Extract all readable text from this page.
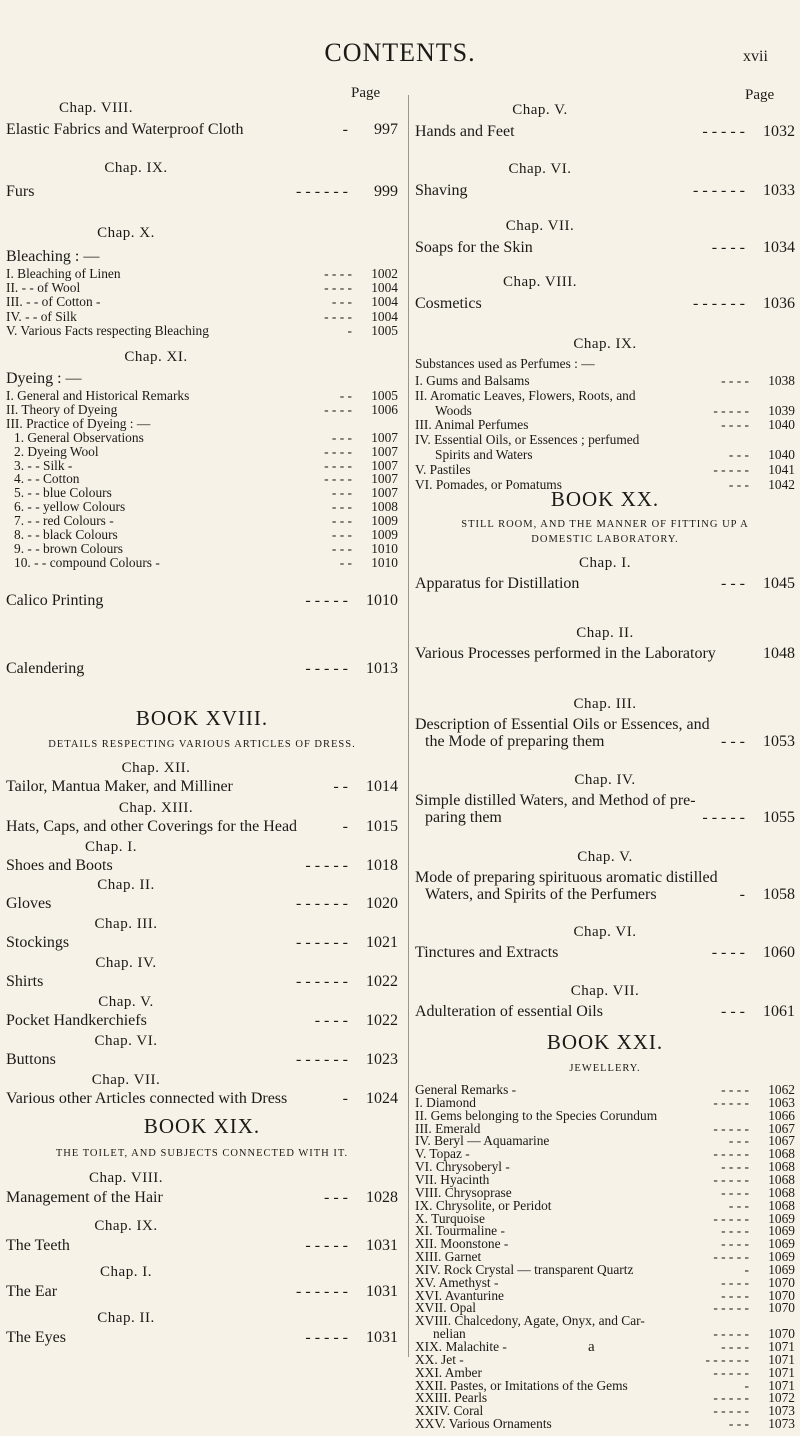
CONTENTS.	xvii
Page
Chap. VIII.
Elastic Fabrics and Waterproof Cloth	- 997
Chap. IX.
Furs	- - - - - - 999
Chap. X.
Bleaching : —
I. Bleaching of Linen	- - - - 1002
II. - - of Wool	- - - - 1004
III. - - of Cotton -	- - - 1004
IV. - - of Silk	- - - - 1004
V. Various Facts respecting Bleaching	- 1005
Chap. XI.
Dyeing : —
I. General and Historical Remarks	- - 1005
II. Theory of Dyeing	- - - - 1006
III. Practice of Dyeing : —
1. General Observations	- - - 1007
2. Dyeing Wool	- - - - 1007
3. - - Silk -	- - - - 1007
4. - - Cotton	- - - - 1007
5. - - blue Colours	- - - 1007
6. - - yellow Colours	- - - 1008
7. - - red Colours -	- - - 1009
8. - - black Colours	- - - 1009
9. - - brown Colours	- - - 1010
10. - - compound Colours -	- - 1010
Chap. XII.
Calico Printing	- - - - - 1010
Chap. XIII.
Calendering	- - - - - 1013
BOOK XVIII.
DETAILS RESPECTING VARIOUS ARTICLES OF DRESS.
Chap. I.
Tailor, Mantua Maker, and Milliner	- - 1014
Chap. II.
Hats, Caps, and other Coverings for the Head	- 1015
Chap. III.
Shoes and Boots	- - - - - 1018
Chap. IV.
Gloves	- - - - - - 1020
Chap. V.
Stockings	- - - - - - 1021
Chap. VI.
Shirts	- - - - - - 1022
Chap. VII.
Pocket Handkerchiefs	- - - - 1022
Chap. VIII.
Buttons	- - - - - - 1023
Chap. IX.
Various other Articles connected with Dress	- 1024
BOOK XIX.
THE TOILET, AND SUBJECTS CONNECTED WITH IT.
Chap. I.
Management of the Hair	- - - 1028
Chap. II.
The Teeth	- - - - - 1031
The Ear	- - - - - - 1031
The Eyes	- - - - - 1031
Page
Chap. V.
Hands and Feet	- - - - - 1032
Chap. VI.
Shaving	- - - - - - 1033
Chap. VII.
Soaps for the Skin	- - - - 1034
Chap. VIII.
Cosmetics	- - - - - - 1036
Chap. IX.
Substances used as Perfumes : —
I. Gums and Balsams	- - - - 1038
II. Aromatic Leaves, Flowers, Roots, and
Woods	- - - - - 1039
III. Animal Perfumes	- - - - 1040
IV. Essential Oils, or Essences ; perfumed
Spirits and Waters	- - - 1040
V. Pastiles	- - - - - 1041
VI. Pomades, or Pomatums	- - - 1042
BOOK XX.
STILL ROOM, AND THE MANNER OF FITTING UP A
DOMESTIC LABORATORY.
Chap. I.
Apparatus for Distillation	- - - 1045
Chap. II.
Various Processes performed in the Laboratory	1048
Chap. III.
Description of Essential Oils or Essences, and
the Mode of preparing them	- - - 1053
Chap. IV.
Simple distilled Waters, and Method of pre-
paring them	- - - - - 1055
Chap. V.
Mode of preparing spirituous aromatic distilled
Waters, and Spirits of the Perfumers	- 1058
Chap. VI.
Tinctures and Extracts	- - - - 1060
Chap. VII.
Adulteration of essential Oils	- - - 1061
BOOK XXI.
JEWELLERY.
General Remarks -	- - - - 1062
I. Diamond	- - - - - 1063
II. Gems belonging to the Species Corundum	1066
III. Emerald	- - - - - 1067
IV. Beryl — Aquamarine	- - - 1067
V. Topaz -	- - - - - 1068
VI. Chrysoberyl -	- - - - 1068
VII. Hyacinth	- - - - - 1068
VIII. Chrysoprase	- - - - 1068
IX. Chrysolite, or Peridot	- - - 1068
X. Turquoise	- - - - - 1069
XI. Tourmaline -	- - - - 1069
XII. Moonstone -	- - - - 1069
XIII. Garnet	- - - - - 1069
XIV. Rock Crystal — transparent Quartz	- 1069
XV. Amethyst -	- - - - 1070
XVI. Avanturine	- - - - 1070
XVII. Opal	- - - - - 1070
XVIII. Chalcedony, Agate, Onyx, and Car-
nelian	- - - - - 1070
XIX. Malachite -	- - - - 1071
XX. Jet -	- - - - - - 1071
XXI. Amber	- - - - - 1071
XXII. Pastes, or Imitations of the Gems	- 1071
XXIII. Pearls	- - - - - 1072
XXIV. Coral	- - - - - 1073
XXV. Various Ornaments	- - - 1073
a
